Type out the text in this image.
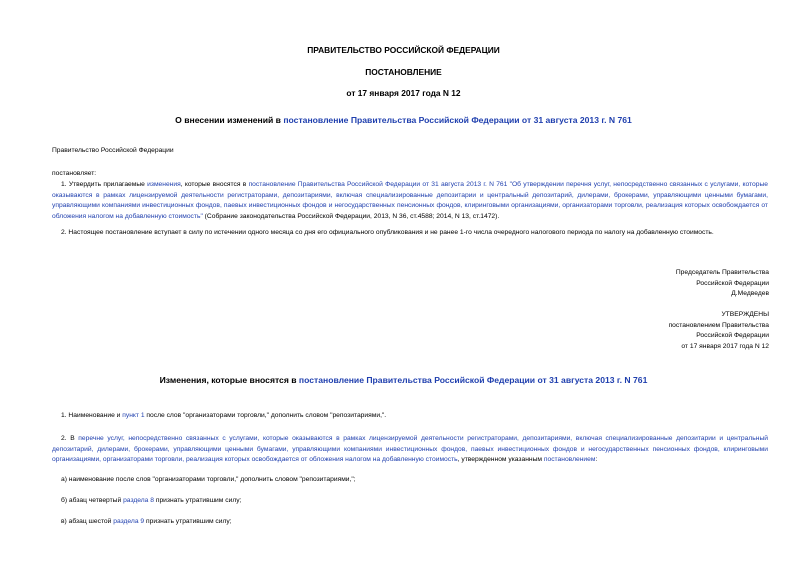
ПРАВИТЕЛЬСТВО РОССИЙСКОЙ ФЕДЕРАЦИИ
ПОСТАНОВЛЕНИЕ
от 17 января 2017 года N 12
О внесении изменений в постановление Правительства Российской Федерации от 31 августа 2013 г. N 761
Правительство Российской Федерации
постановляет:
1. Утвердить прилагаемые изменения, которые вносятся в постановление Правительства Российской Федерации от 31 августа 2013 г. N 761 "Об утверждении перечня услуг, непосредственно связанных с услугами, которые оказываются в рамках лицензируемой деятельности регистраторами, депозитариями, включая специализированные депозитарии и центральный депозитарий, дилерами, брокерами, управляющими ценными бумагами, управляющими компаниями инвестиционных фондов, паевых инвестиционных фондов и негосударственных пенсионных фондов, клиринговыми организациями, организаторами торговли, реализация которых освобождается от обложения налогом на добавленную стоимость" (Собрание законодательства Российской Федерации, 2013, N 36, ст.4588; 2014, N 13, ст.1472).
2. Настоящее постановление вступает в силу по истечении одного месяца со дня его официального опубликования и не ранее 1-го числа очередного налогового периода по налогу на добавленную стоимость.
Председатель Правительства
Российской Федерации
Д.Медведев
УТВЕРЖДЕНЫ
постановлением Правительства
Российской Федерации
от 17 января 2017 года N 12
Изменения, которые вносятся в постановление Правительства Российской Федерации от 31 августа 2013 г. N 761
1. Наименование и пункт 1 после слов "организаторами торговли," дополнить словом "репозитариями,".
2. В перечне услуг, непосредственно связанных с услугами, которые оказываются в рамках лицензируемой деятельности регистраторами, депозитариями, включая специализированные депозитарии и центральный депозитарий, дилерами, брокерами, управляющими ценными бумагами, управляющими компаниями инвестиционных фондов, паевых инвестиционных фондов и негосударственных пенсионных фондов, клиринговыми организациями, организаторами торговли, реализация которых освобождается от обложения налогом на добавленную стоимость, утвержденном указанным постановлением:
а) наименование после слов "организаторами торговли," дополнить словом "репозитариями,";
б) абзац четвертый раздела 8 признать утратившим силу;
в) абзац шестой раздела 9 признать утратившим силу;
